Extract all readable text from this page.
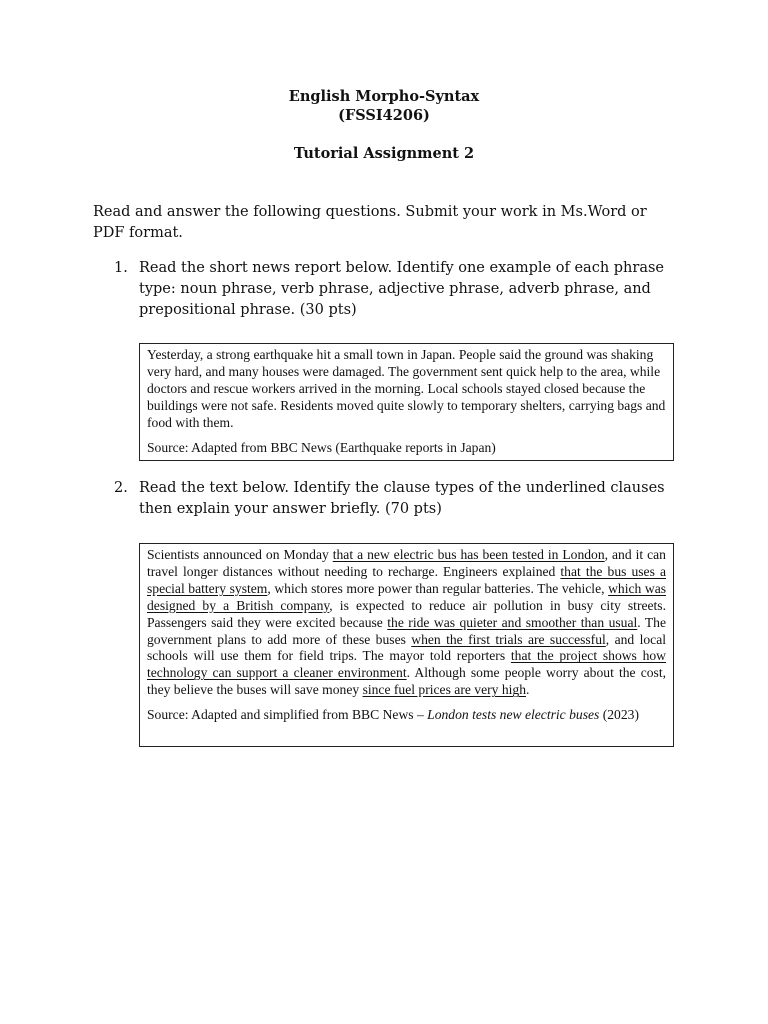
English Morpho-Syntax
(FSSI4206)
Tutorial Assignment 2

Read and answer the following questions. Submit your work in Ms.Word or PDF format.

1. Read the short news report below. Identify one example of each phrase type: noun phrase, verb phrase, adjective phrase, adverb phrase, and prepositional phrase. (30 pts)

Yesterday, a strong earthquake hit a small town in Japan. People said the ground was shaking very hard, and many houses were damaged. The government sent quick help to the area, while doctors and rescue workers arrived in the morning. Local schools stayed closed because the buildings were not safe. Residents moved quite slowly to temporary shelters, carrying bags and food with them.

Source: Adapted from BBC News (Earthquake reports in Japan)

2. Read the text below. Identify the clause types of the underlined clauses then explain your answer briefly. (70 pts)

Scientists announced on Monday that a new electric bus has been tested in London, and it can travel longer distances without needing to recharge. Engineers explained that the bus uses a special battery system, which stores more power than regular batteries. The vehicle, which was designed by a British company, is expected to reduce air pollution in busy city streets. Passengers said they were excited because the ride was quieter and smoother than usual. The government plans to add more of these buses when the first trials are successful, and local schools will use them for field trips. The mayor told reporters that the project shows how technology can support a cleaner environment. Although some people worry about the cost, they believe the buses will save money since fuel prices are very high.

Source: Adapted and simplified from BBC News – London tests new electric buses (2023)
